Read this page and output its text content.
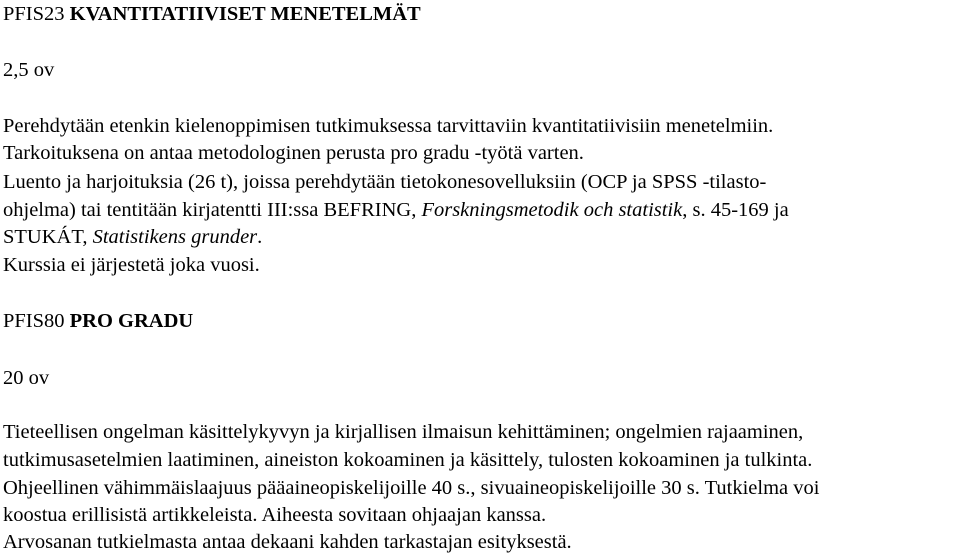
PFIS23 KVANTITATIIVISET MENETELMÄT
2,5 ov
Perehdytään etenkin kielenoppimisen tutkimuksessa tarvittaviin kvantitatiivisiin menetelmiin.
Tarkoituksena on antaa metodologinen perusta pro gradu -työtä varten.
Luento ja harjoituksia (26 t), joissa perehdytään tietokonesovelluksiin (OCP ja SPSS -tilasto-
ohjelma) tai tentitään kirjatentti III:ssa BEFRING, Forskningsmetodik och statistik, s. 45-169 ja
STUKÁT, Statistikens grunder.
Kurssia ei järjestetä joka vuosi.
PFIS80 PRO GRADU
20 ov
Tieteellisen ongelman käsittelykyvyn ja kirjallisen ilmaisun kehittäminen; ongelmien rajaaminen,
tutkimusasetelmien laatiminen, aineiston kokoaminen ja käsittely, tulosten kokoaminen ja tulkinta.
Ohjeellinen vähimmäislaajuus pääaineopiskelijoille 40 s., sivuaineopiskelijoille 30 s. Tutkielma voi
koostua erillisistä artikkeleista. Aiheesta sovitaan ohjaajan kanssa.
Arvosanan tutkielmasta antaa dekaani kahden tarkastajan esityksestä.
